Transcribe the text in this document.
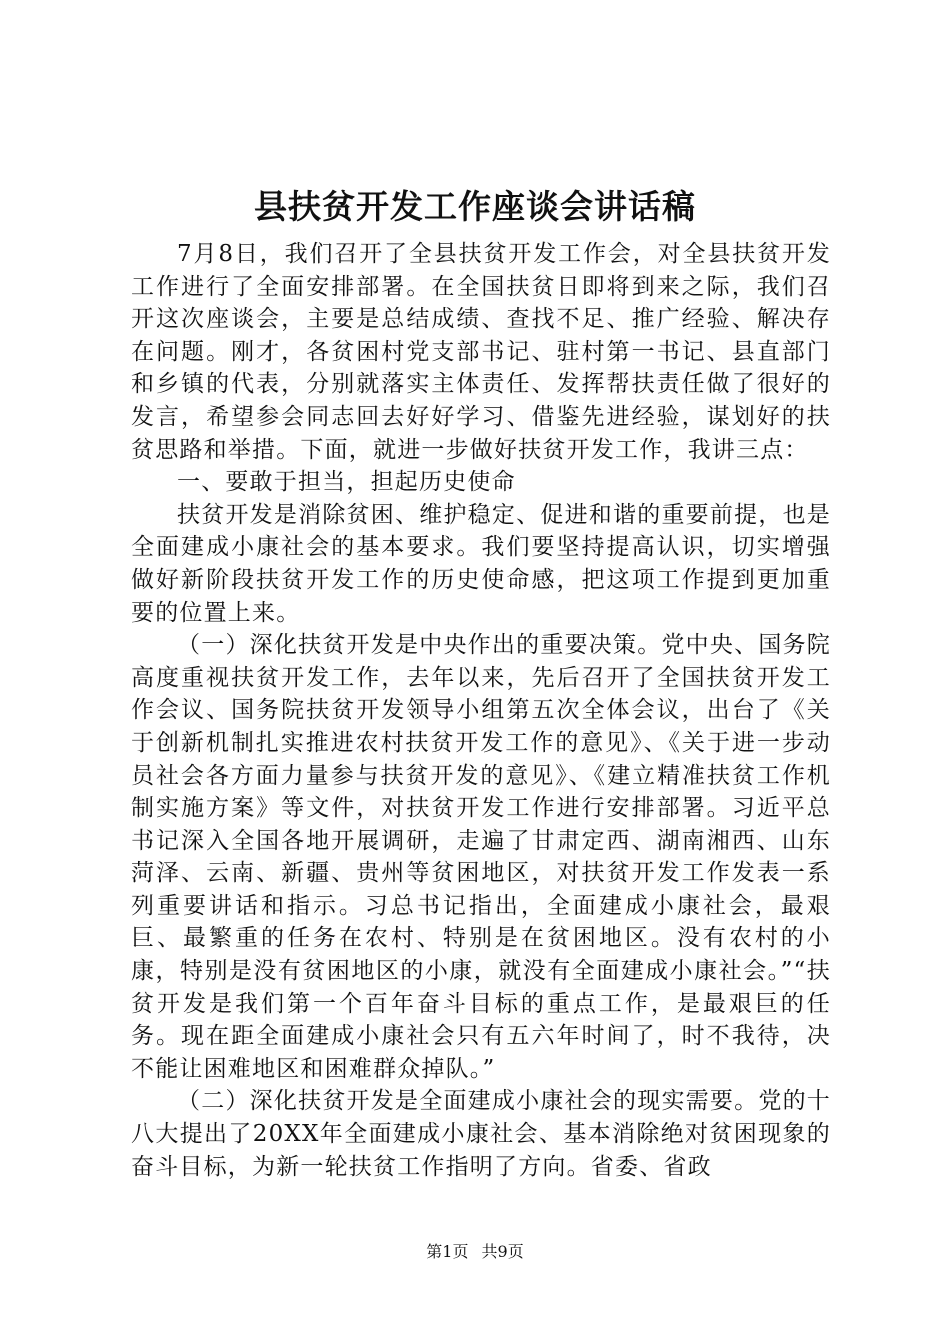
县扶贫开发工作座谈会讲话稿

7月8日，我们召开了全县扶贫开发工作会，对全县扶贫开发工作进行了全面安排部署。在全国扶贫日即将到来之际，我们召开这次座谈会，主要是总结成绩、查找不足、推广经验、解决存在问题。刚才，各贫困村党支部书记、驻村第一书记、县直部门和乡镇的代表，分别就落实主体责任、发挥帮扶责任做了很好的发言，希望参会同志回去好好学习、借鉴先进经验，谋划好的扶贫思路和举措。下面，就进一步做好扶贫开发工作，我讲三点：

一、要敢于担当，担起历史使命

扶贫开发是消除贫困、维护稳定、促进和谐的重要前提，也是全面建成小康社会的基本要求。我们要坚持提高认识，切实增强做好新阶段扶贫开发工作的历史使命感，把这项工作提到更加重要的位置上来。

（一）深化扶贫开发是中央作出的重要决策。党中央、国务院高度重视扶贫开发工作，去年以来，先后召开了全国扶贫开发工作会议、国务院扶贫开发领导小组第五次全体会议，出台了《关于创新机制扎实推进农村扶贫开发工作的意见》、《关于进一步动员社会各方面力量参与扶贫开发的意见》、《建立精准扶贫工作机制实施方案》等文件，对扶贫开发工作进行安排部署。习近平总书记深入全国各地开展调研，走遍了甘肃定西、湖南湘西、山东菏泽、云南、新疆、贵州等贫困地区，对扶贫开发工作发表一系列重要讲话和指示。习总书记指出，全面建成小康社会，最艰巨、最繁重的任务在农村、特别是在贫困地区。没有农村的小康，特别是没有贫困地区的小康，就没有全面建成小康社会。”“扶贫开发是我们第一个百年奋斗目标的重点工作，是最艰巨的任务。现在距全面建成小康社会只有五六年时间了，时不我待，决不能让困难地区和困难群众掉队。”

（二）深化扶贫开发是全面建成小康社会的现实需要。党的十八大提出了20XX年全面建成小康社会、基本消除绝对贫困现象的奋斗目标，为新一轮扶贫工作指明了方向。省委、省政

第1页 共9页
